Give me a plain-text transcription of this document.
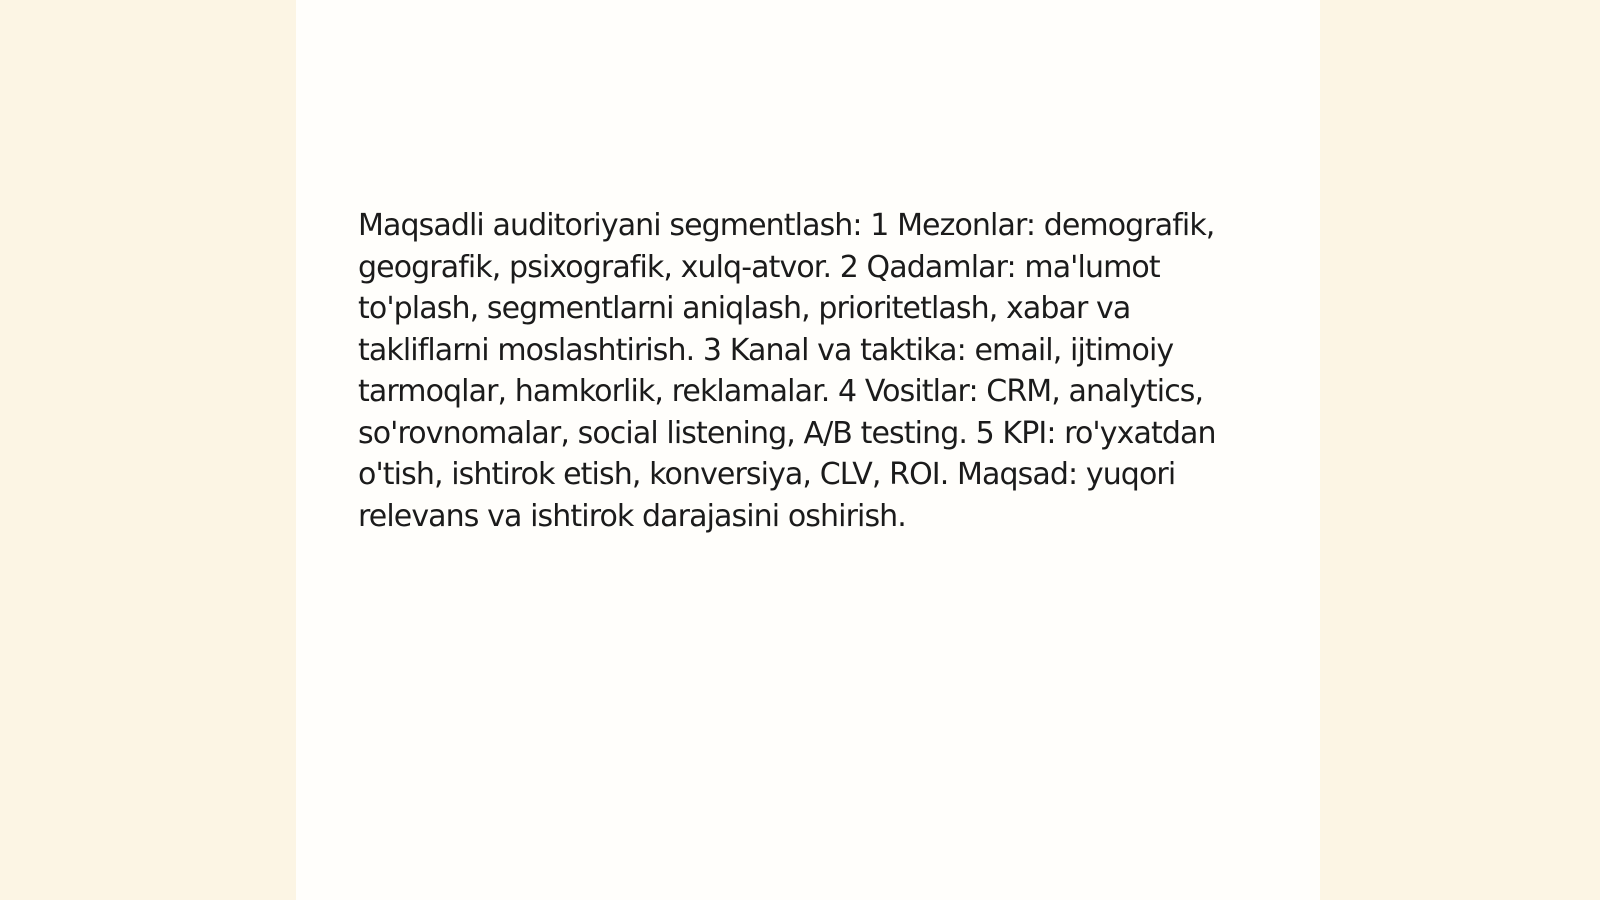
Maqsadli auditoriyani segmentlash: 1 Mezonlar: demografik, geografik, psixografik, xulq-atvor. 2 Qadamlar: ma'lumot to'plash, segmentlarni aniqlash, prioritetlash, xabar va takliflarni moslashtirish. 3 Kanal va taktika: email, ijtimoiy tarmoqlar, hamkorlik, reklamalar. 4 Vositlar: CRM, analytics, so'rovnomalar, social listening, A/B testing. 5 KPI: ro'yxatdan o'tish, ishtirok etish, konversiya, CLV, ROI. Maqsad: yuqori relevans va ishtirok darajasini oshirish.
